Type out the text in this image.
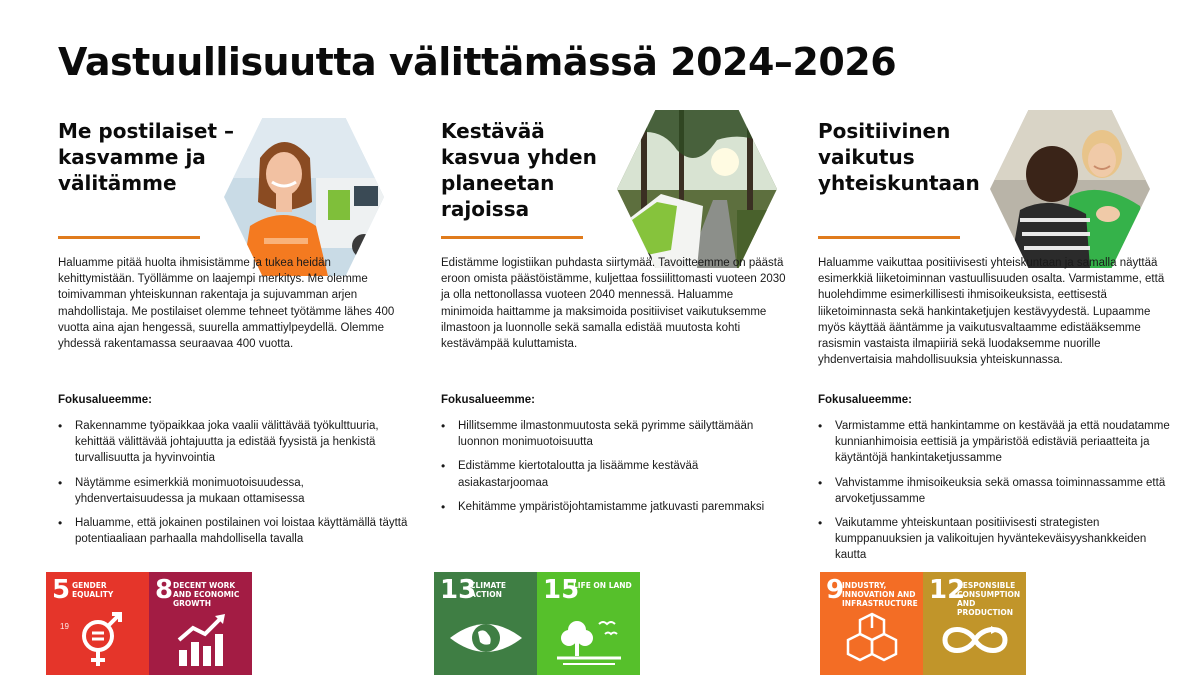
Vastuullisuutta välittämässä 2024–2026
Me postilaiset – kasvamme ja välitämme

Haluamme pitää huolta ihmisistämme ja tukea heidän kehittymistään. Työllämme on laajempi merkitys. Me olemme toimivamman yhteiskunnan rakentaja ja sujuvamman arjen mahdollistaja. Me postilaiset olemme tehneet työtämme lähes 400 vuotta aina ajan hengessä, suurella ammattiylpeydellä. Olemme yhdessä rakentamassa seuraavaa 400 vuotta.

Fokusalueemme:

• Rakennamme työpaikkaa joka vaalii välittävää työkulttuuria, kehittää välittävää johtajuutta ja edistää fyysistä ja henkistä turvallisuutta ja hyvinvointia
• Näytämme esimerkkiä monimuotoisuudessa, yhdenvertaisuudessa ja mukaan ottamisessa
• Haluamme, että jokainen postilainen voi loistaa käyttämällä täyttä potentiaaliaan parhaalla mahdollisella tavalla
Kestävää kasvua yhden planeetan rajoissa

Edistämme logistiikan puhdasta siirtymää. Tavoitteemme on päästä eroon omista päästöistämme, kuljettaa fossiilittomasti vuoteen 2030 ja olla nettonollassa vuoteen 2040 mennessä. Haluamme minimoida haittamme ja maksimoida positiiviset vaikutuksemme ilmastoon ja luonnolle sekä samalla edistää muutosta kohti kestävämpää kuluttamista.

Fokusalueemme:

• Hillitsemme ilmastonmuutosta sekä pyrimme säilyttämään luonnon monimuotoisuutta
• Edistämme kiertotaloutta ja lisäämme kestävää asiakastarjoomaa
• Kehitämme ympäristöjohtamistamme jatkuvasti paremmaksi
Positiivinen vaikutus yhteiskuntaan

Haluamme vaikuttaa positiivisesti yhteiskuntaan ja samalla näyttää esimerkkiä liiketoiminnan vastuullisuuden osalta. Varmistamme, että huolehdimme esimerkillisesti ihmisoikeuksista, eettisestä liiketoiminnasta sekä hankintaketjujen kestävyydestä. Lupaamme myös käyttää ääntämme ja vaikutusvaltaamme edistääksemme rasismin vastaista ilmapiiriä sekä luodaksemme nuorille yhdenvertaisia mahdollisuuksia yhteiskunnassa.

Fokusalueemme:

• Varmistamme että hankintamme on kestävää ja että noudatamme kunnianhimoisia eettisiä ja ympäristöä edistäviä periaatteita ja käytäntöjä hankintaketjussamme
• Vahvistamme ihmisoikeuksia sekä omassa toiminnassamme että arvoketjussamme
• Vaikutamme yhteiskuntaan positiivisesti strategisten kumppanuuksien ja valikoitujen hyväntekeväisyyshankkeiden kautta
5 GENDER EQUALITY
19
8 DECENT WORK AND ECONOMIC GROWTH	13
CLIMATE ACTION	15
LIFE ON LAND	9
INDUSTRY, INNOVATION AND INFRASTRUCTURE 12
RESPONSIBLE CONSUMPTION AND PRODUCTION
